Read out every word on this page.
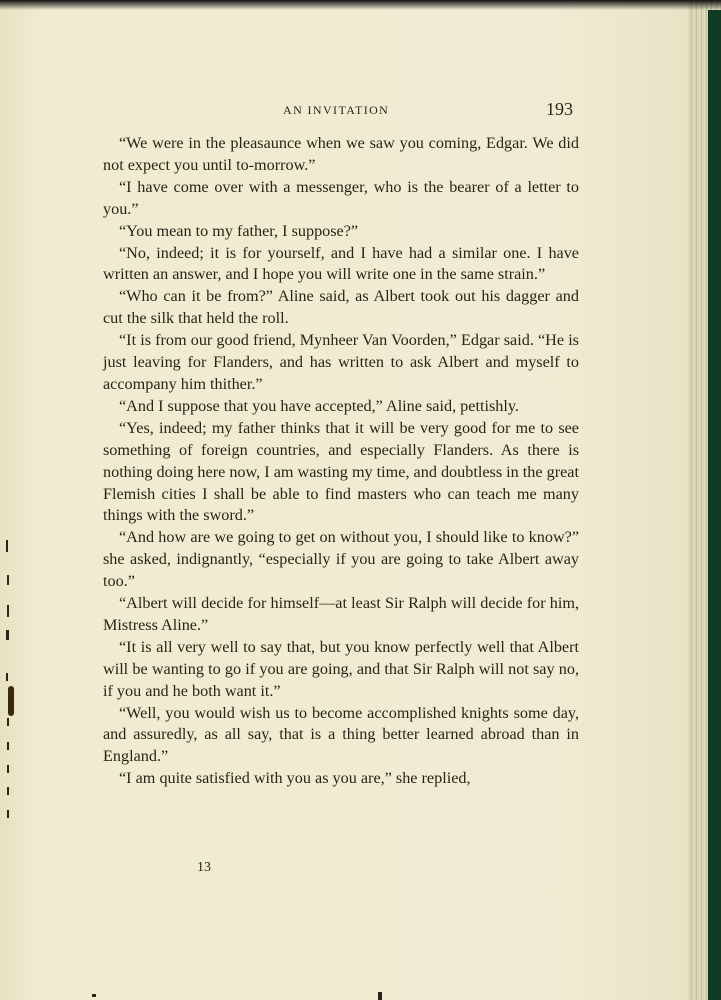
AN INVITATION	193

“We were in the pleasaunce when we saw you coming, Edgar. We did not expect you until to-morrow.”

“I have come over with a messenger, who is the bearer of a letter to you.”

“You mean to my father, I suppose?”

“No, indeed; it is for yourself, and I have had a similar one. I have written an answer, and I hope you will write one in the same strain.”

“Who can it be from?” Aline said, as Albert took out his dagger and cut the silk that held the roll.

“It is from our good friend, Mynheer Van Voorden,” Edgar said. “He is just leaving for Flanders, and has written to ask Albert and myself to accompany him thither.”

“And I suppose that you have accepted,” Aline said, pettishly.

“Yes, indeed; my father thinks that it will be very good for me to see something of foreign countries, and especially Flanders. As there is nothing doing here now, I am wasting my time, and doubtless in the great Flemish cities I shall be able to find masters who can teach me many things with the sword.”

“And how are we going to get on without you, I should like to know?” she asked, indignantly, “especially if you are going to take Albert away too.”

“Albert will decide for himself—at least Sir Ralph will decide for him, Mistress Aline.”

“It is all very well to say that, but you know perfectly well that Albert will be wanting to go if you are going, and that Sir Ralph will not say no, if you and he both want it.”

“Well, you would wish us to become accomplished knights some day, and assuredly, as all say, that is a thing better learned abroad than in England.”

“I am quite satisfied with you as you are,” she replied,

13
